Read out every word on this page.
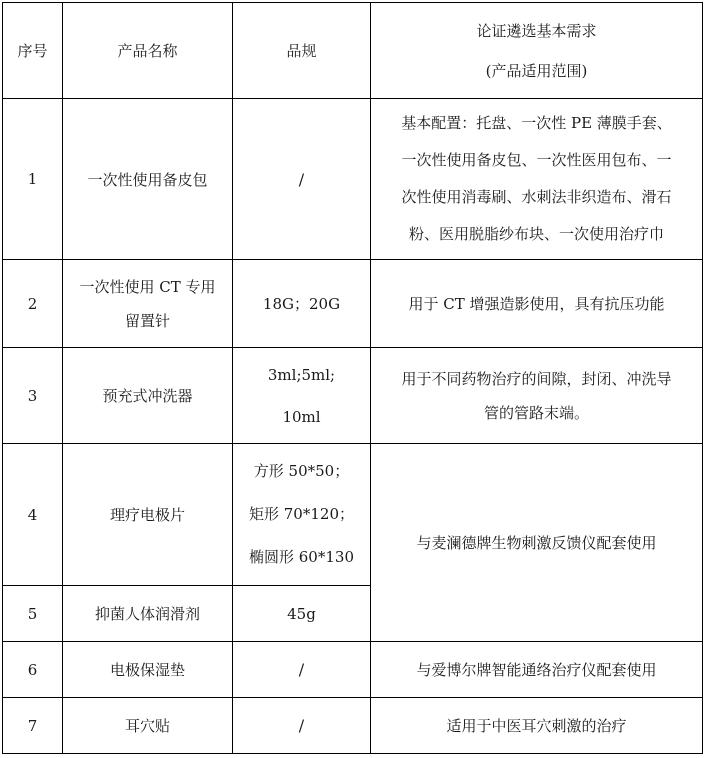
序号	产品名称	品规	论证遴选基本需求
(产品适用范围)

1	一次性使用备皮包	/	基本配置：托盘、一次性 PE 薄膜手套、
一次性使用备皮包、一次性医用包布、一
次性使用消毒刷、水刺法非织造布、滑石
粉、医用脱脂纱布块、一次使用治疗巾

2	一次性使用 CT 专用
留置针	18G；20G	用于 CT 增强造影使用，具有抗压功能
3	预充式冲洗器	3ml;5ml;
10ml	用于不同药物治疗的间隙，封闭、冲洗导
管的管路末端。

4	理疗电极片	方形 50*50；
矩形 70*120；
椭圆形 60*130	与麦澜德牌生物刺激反馈仪配套使用
5	抑菌人体润滑剂	45g	
6	电极保湿垫	/	与爱博尔牌智能通络治疗仪配套使用
7	耳穴贴	/	适用于中医耳穴刺激的治疗
